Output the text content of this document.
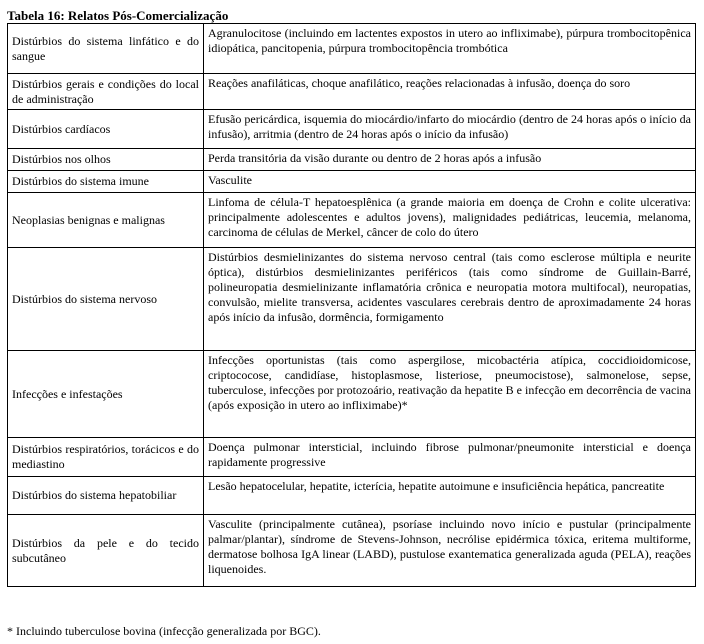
Tabela 16: Relatos Pós-Comercialização
Distúrbios do sistema linfático e do sangue	Agranulocitose (incluindo em lactentes expostos in utero ao infliximabe), púrpura trombocitopênica idiopática, pancitopenia, púrpura trombocitopência trombótica
Distúrbios gerais e condições do local de administração	Reações anafiláticas, choque anafilático, reações relacionadas à infusão, doença do soro
Distúrbios cardíacos	Efusão pericárdica, isquemia do miocárdio/infarto do miocárdio (dentro de 24 horas após o início da infusão), arritmia (dentro de 24 horas após o início da infusão)
Distúrbios nos olhos	Perda transitória da visão durante ou dentro de 2 horas após a infusão
Distúrbios do sistema imune	Vasculite
Neoplasias benignas e malignas	Linfoma de célula-T hepatoesplênica (a grande maioria em doença de Crohn e colite ulcerativa: principalmente adolescentes e adultos jovens), malignidades pediátricas, leucemia, melanoma, carcinoma de células de Merkel, câncer de colo do útero
Distúrbios do sistema nervoso	Distúrbios desmielinizantes do sistema nervoso central (tais como esclerose múltipla e neurite óptica), distúrbios desmielinizantes periféricos (tais como síndrome de Guillain-Barré, polineuropatia desmielinizante inflamatória crônica e neuropatia motora multifocal), neuropatias, convulsão, mielite transversa, acidentes vasculares cerebrais dentro de aproximadamente 24 horas após início da infusão, dormência, formigamento
Infecções e infestações	Infecções oportunistas (tais como aspergilose, micobactéria atípica, coccidioidomicose, criptococose, candidíase, histoplasmose, listeriose, pneumocistose), salmonelose, sepse, tuberculose, infecções por protozoário, reativação da hepatite B e infecção em decorrência de vacina (após exposição in utero ao infliximabe)*
Distúrbios respiratórios, torácicos e do mediastino	Doença pulmonar intersticial, incluindo fibrose pulmonar/pneumonite intersticial e doença rapidamente progressive
Distúrbios do sistema hepatobiliar	Lesão hepatocelular, hepatite, icterícia, hepatite autoimune e insuficiência hepática, pancreatite
Distúrbios da pele e do tecido subcutâneo	Vasculite (principalmente cutânea), psoríase incluindo novo início e pustular (principalmente palmar/plantar), síndrome de Stevens-Johnson, necrólise epidérmica tóxica, eritema multiforme, dermatose bolhosa IgA linear (LABD), pustulose exantematica generalizada aguda (PELA), reações liquenoides.
* Incluindo tuberculose bovina (infecção generalizada por BGC).
